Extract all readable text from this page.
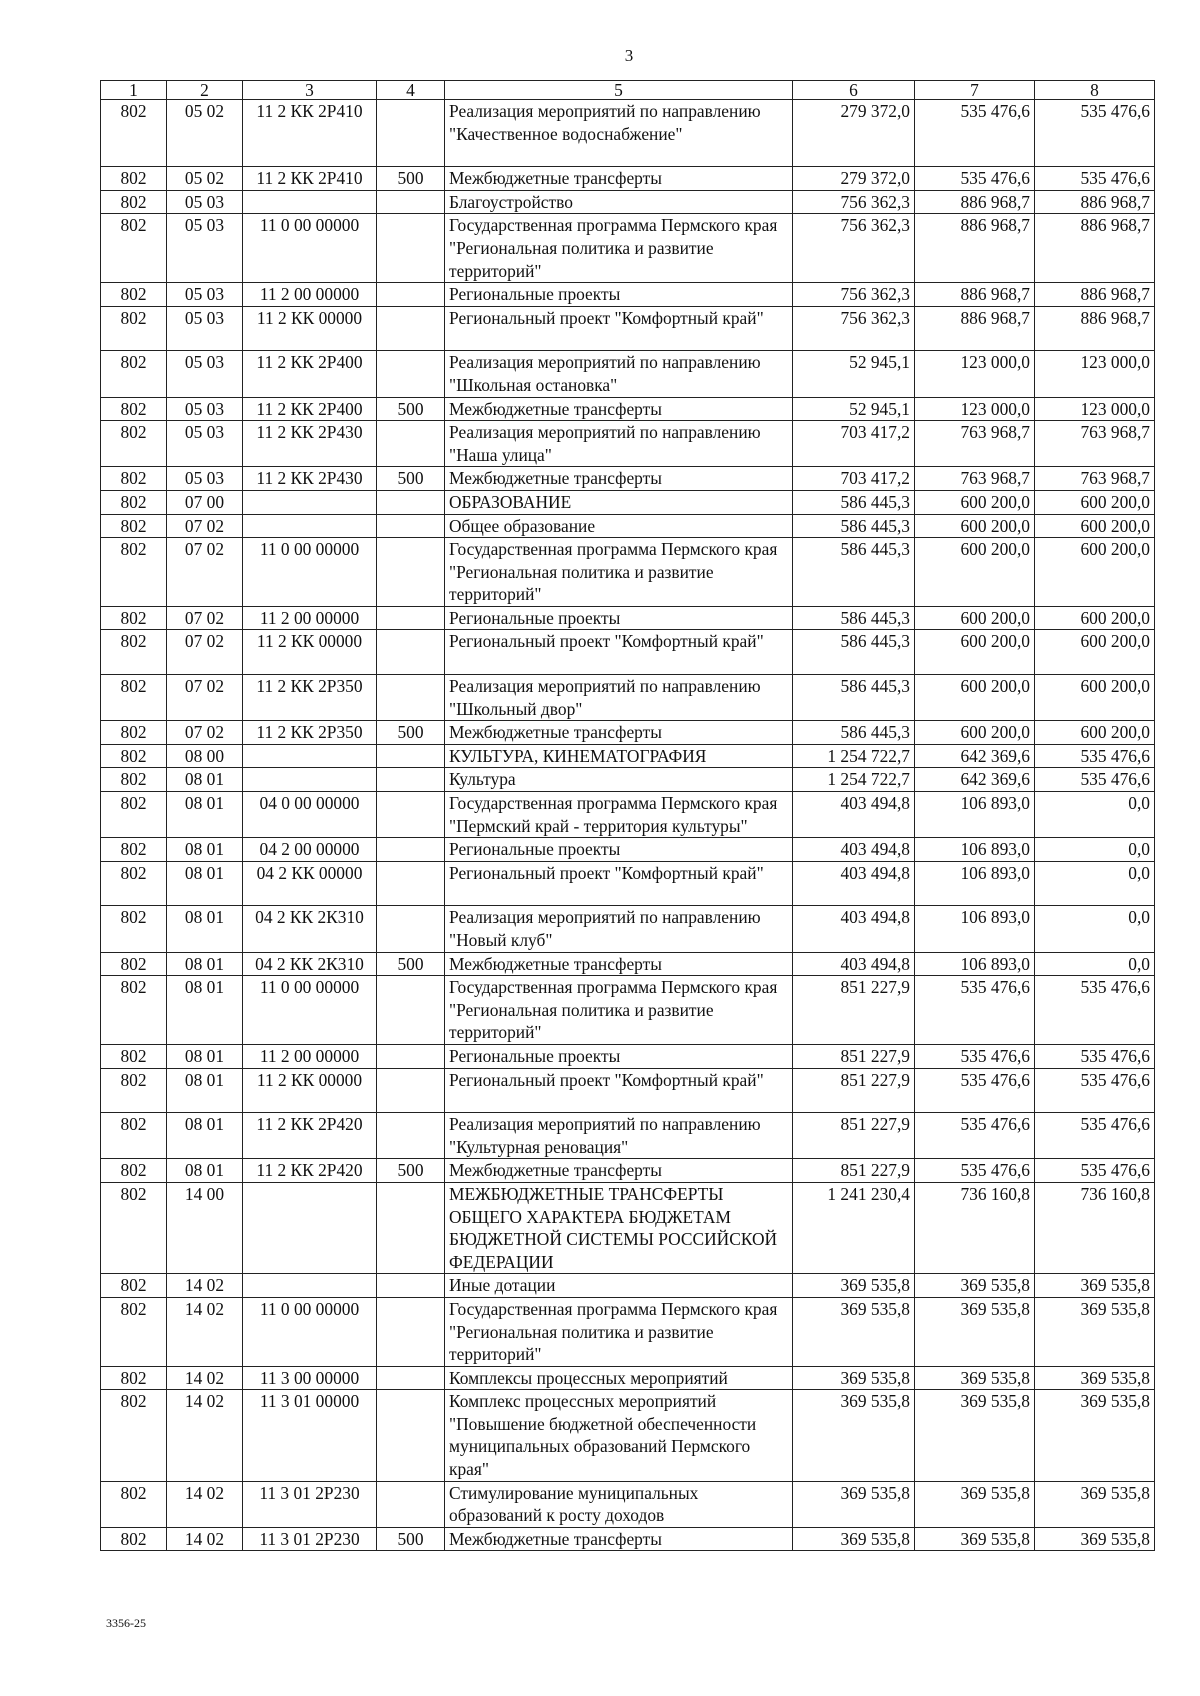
3
1	2	3	4	5	6	7	8
802	05 02	11 2 КК 2Р410		Реализация мероприятий по направлению "Качественное водоснабжение"	279 372,0	535 476,6	535 476,6
802	05 02	11 2 КК 2Р410	500	Межбюджетные трансферты	279 372,0	535 476,6	535 476,6
802	05 03			Благоустройство	756 362,3	886 968,7	886 968,7
802	05 03	11 0 00 00000		Государственная программа Пермского края "Региональная политика и развитие территорий"	756 362,3	886 968,7	886 968,7
802	05 03	11 2 00 00000		Региональные проекты	756 362,3	886 968,7	886 968,7
802	05 03	11 2 КК 00000		Региональный проект "Комфортный край"	756 362,3	886 968,7	886 968,7
802	05 03	11 2 КК 2Р400		Реализация мероприятий по направлению "Школьная остановка"	52 945,1	123 000,0	123 000,0
802	05 03	11 2 КК 2Р400	500	Межбюджетные трансферты	52 945,1	123 000,0	123 000,0
802	05 03	11 2 КК 2Р430		Реализация мероприятий по направлению "Наша улица"	703 417,2	763 968,7	763 968,7
802	05 03	11 2 КК 2Р430	500	Межбюджетные трансферты	703 417,2	763 968,7	763 968,7
802	07 00			ОБРАЗОВАНИЕ	586 445,3	600 200,0	600 200,0
802	07 02			Общее образование	586 445,3	600 200,0	600 200,0
802	07 02	11 0 00 00000		Государственная программа Пермского края "Региональная политика и развитие территорий"	586 445,3	600 200,0	600 200,0
802	07 02	11 2 00 00000		Региональные проекты	586 445,3	600 200,0	600 200,0
802	07 02	11 2 КК 00000		Региональный проект "Комфортный край"	586 445,3	600 200,0	600 200,0
802	07 02	11 2 КК 2Р350		Реализация мероприятий по направлению "Школьный двор"	586 445,3	600 200,0	600 200,0
802	07 02	11 2 КК 2Р350	500	Межбюджетные трансферты	586 445,3	600 200,0	600 200,0
802	08 00			КУЛЬТУРА, КИНЕМАТОГРАФИЯ	1 254 722,7	642 369,6	535 476,6
802	08 01			Культура	1 254 722,7	642 369,6	535 476,6
802	08 01	04 0 00 00000		Государственная программа Пермского края "Пермский край - территория культуры"	403 494,8	106 893,0	0,0
802	08 01	04 2 00 00000		Региональные проекты	403 494,8	106 893,0	0,0
802	08 01	04 2 КК 00000		Региональный проект "Комфортный край"	403 494,8	106 893,0	0,0
802	08 01	04 2 КК 2К310		Реализация мероприятий по направлению "Новый клуб"	403 494,8	106 893,0	0,0
802	08 01	04 2 КК 2К310	500	Межбюджетные трансферты	403 494,8	106 893,0	0,0
802	08 01	11 0 00 00000		Государственная программа Пермского края "Региональная политика и развитие территорий"	851 227,9	535 476,6	535 476,6
802	08 01	11 2 00 00000		Региональные проекты	851 227,9	535 476,6	535 476,6
802	08 01	11 2 КК 00000		Региональный проект "Комфортный край"	851 227,9	535 476,6	535 476,6
802	08 01	11 2 КК 2Р420		Реализация мероприятий по направлению "Культурная реновация"	851 227,9	535 476,6	535 476,6
802	08 01	11 2 КК 2Р420	500	Межбюджетные трансферты	851 227,9	535 476,6	535 476,6
802	14 00			МЕЖБЮДЖЕТНЫЕ ТРАНСФЕРТЫ ОБЩЕГО ХАРАКТЕРА БЮДЖЕТАМ БЮДЖЕТНОЙ СИСТЕМЫ РОССИЙСКОЙ ФЕДЕРАЦИИ	1 241 230,4	736 160,8	736 160,8
802	14 02			Иные дотации	369 535,8	369 535,8	369 535,8
802	14 02	11 0 00 00000		Государственная программа Пермского края "Региональная политика и развитие территорий"	369 535,8	369 535,8	369 535,8
802	14 02	11 3 00 00000		Комплексы процессных мероприятий	369 535,8	369 535,8	369 535,8
802	14 02	11 3 01 00000		Комплекс процессных мероприятий "Повышение бюджетной обеспеченности муниципальных образований Пермского края"	369 535,8	369 535,8	369 535,8
802	14 02	11 3 01 2Р230		Стимулирование муниципальных образований к росту доходов	369 535,8	369 535,8	369 535,8
802	14 02	11 3 01 2Р230	500	Межбюджетные трансферты	369 535,8	369 535,8	369 535,8
3356-25
